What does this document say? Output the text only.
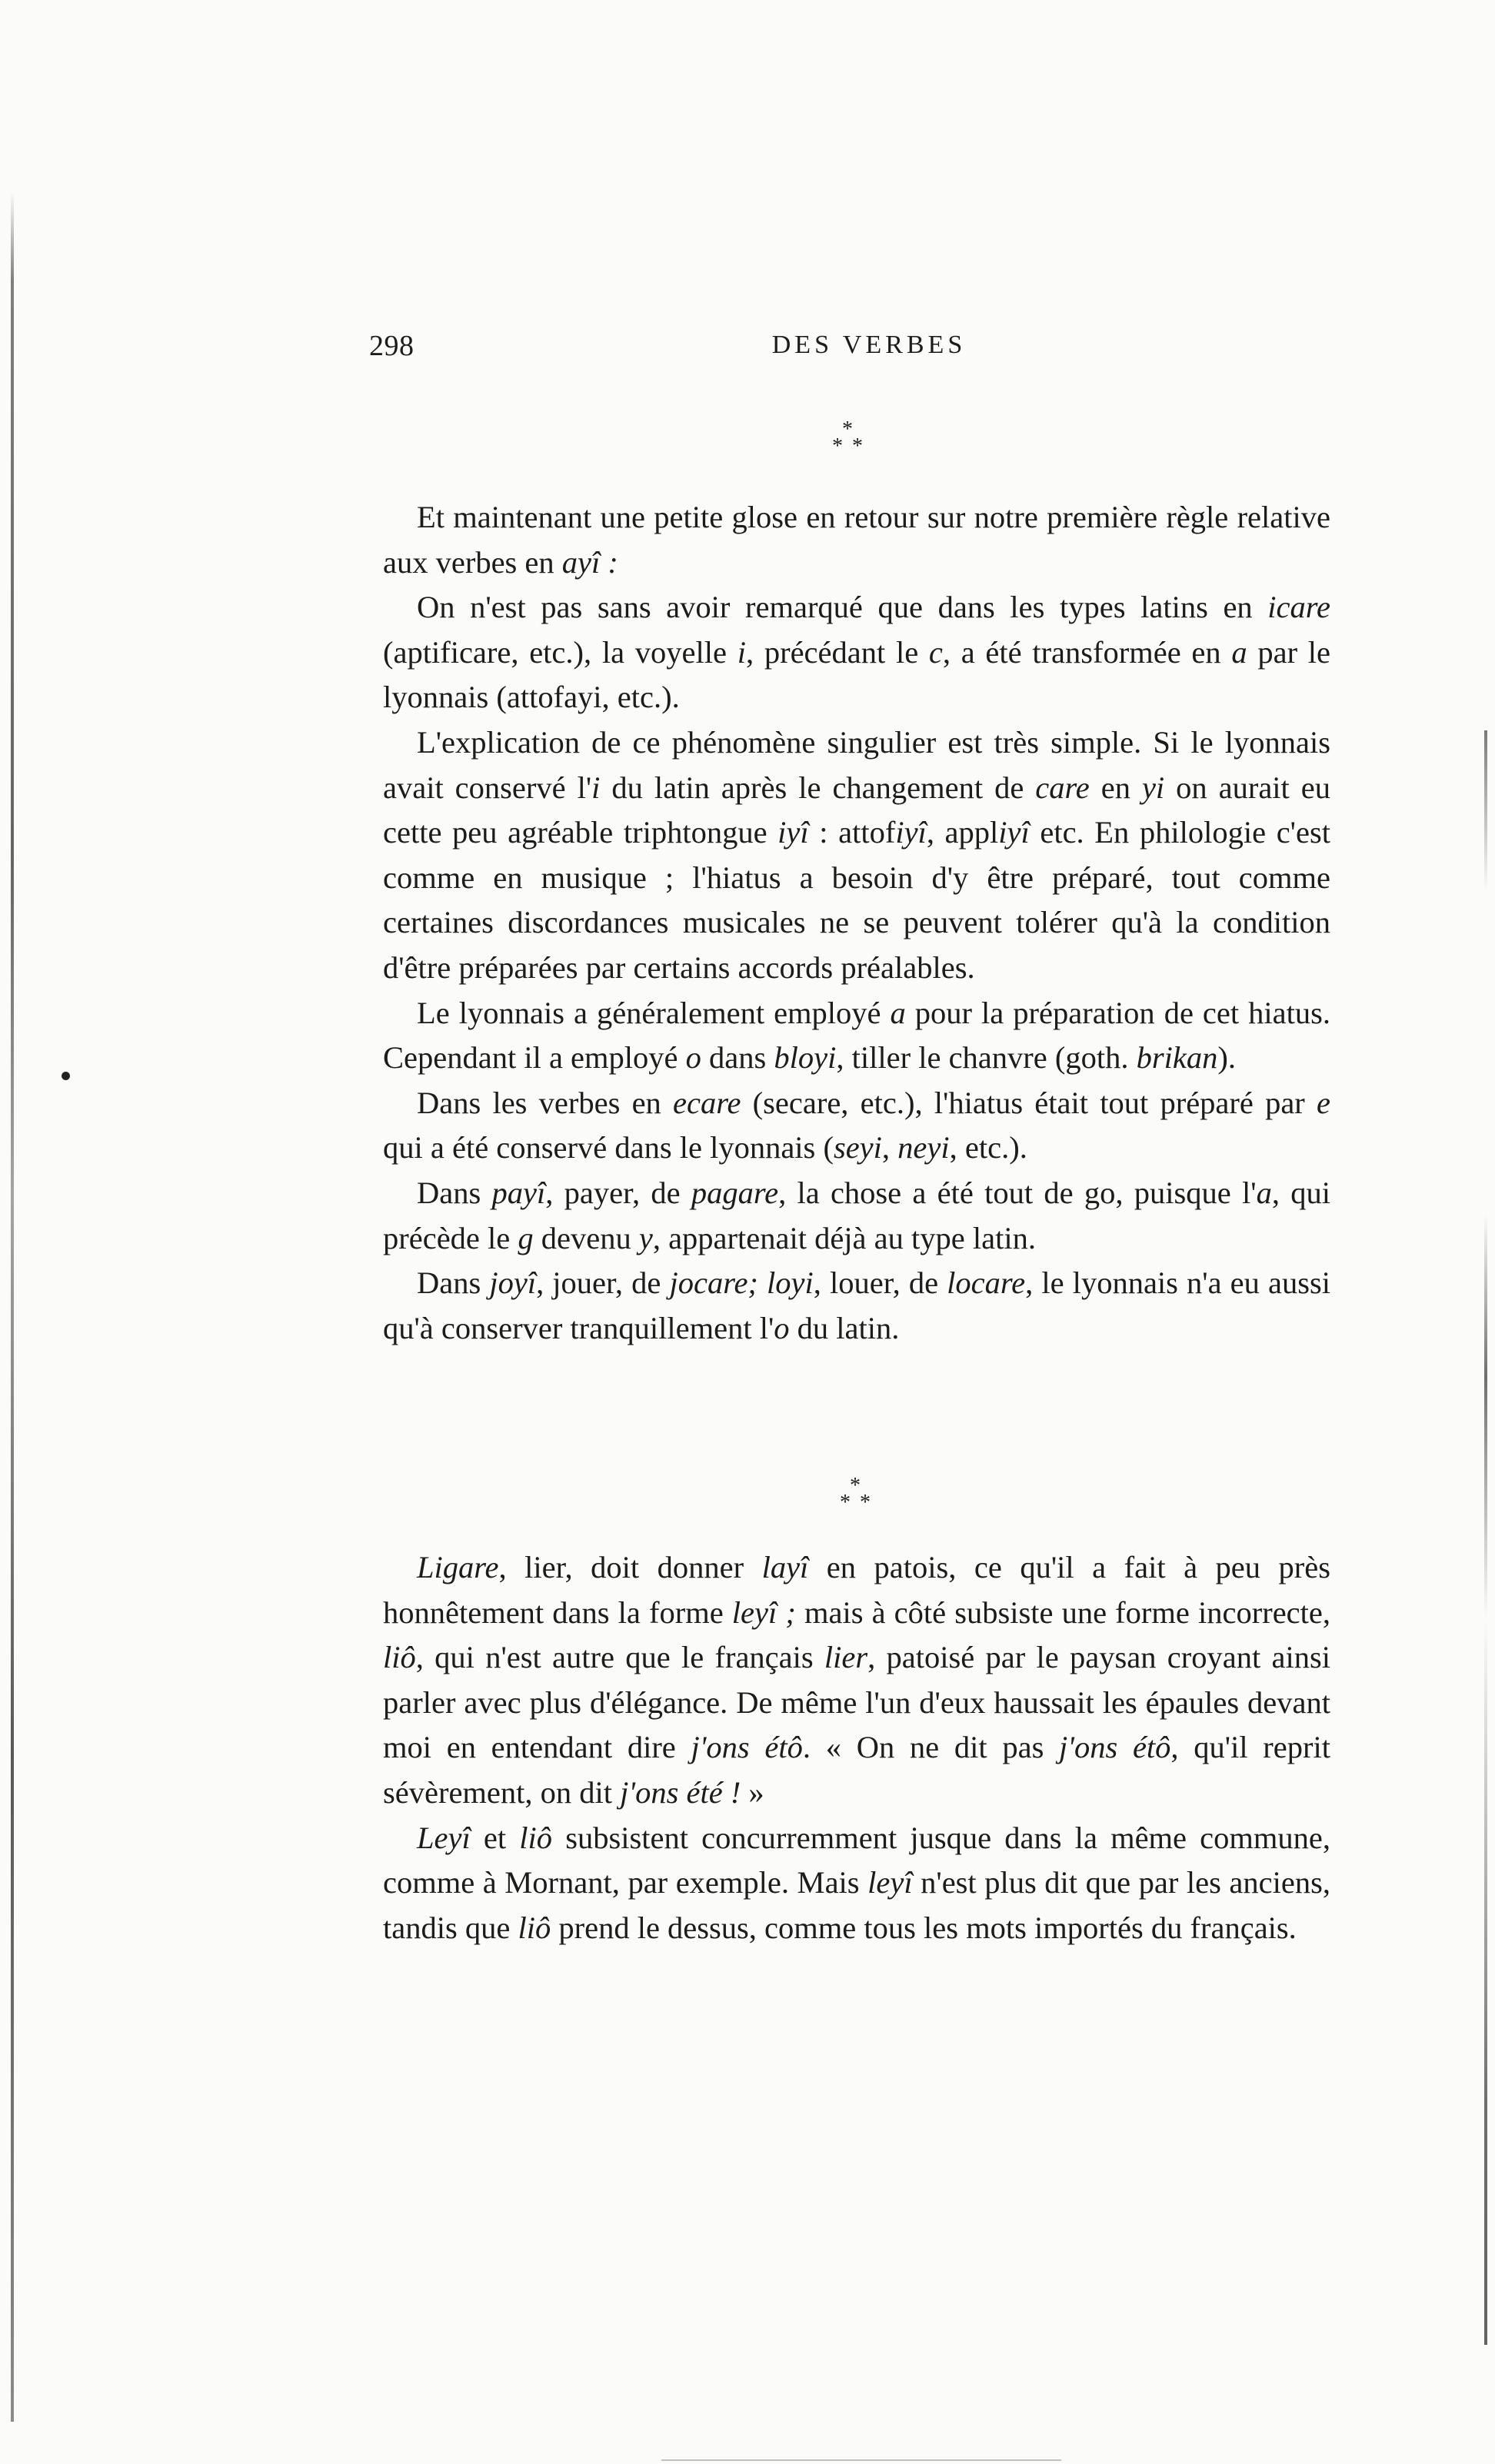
298	DES VERBES
*
* *

Et maintenant une petite glose en retour sur notre première règle relative aux verbes en ayî :

On n'est pas sans avoir remarqué que dans les types latins en icare (aptificare, etc.), la voyelle i, précédant le c, a été transformée en a par le lyonnais (attofayi, etc.).

L'explication de ce phénomène singulier est très simple. Si le lyonnais avait conservé l'i du latin après le changement de care en yi on aurait eu cette peu agréable triphtongue iyî : attofiyî, appliyî etc. En philologie c'est comme en musique ; l'hiatus a besoin d'y être préparé, tout comme certaines discordances musicales ne se peuvent tolérer qu'à la condition d'être préparées par certains accords préalables.

Le lyonnais a généralement employé a pour la préparation de cet hiatus. Cependant il a employé o dans bloyi, tiller le chanvre (goth. brikan).

Dans les verbes en ecare (secare, etc.), l'hiatus était tout préparé par e qui a été conservé dans le lyonnais (seyi, neyi, etc.).

Dans payî, payer, de pagare, la chose a été tout de go, puisque l'a, qui précède le g devenu y, appartenait déjà au type latin.

Dans joyî, jouer, de jocare; loyi, louer, de locare, le lyonnais n'a eu aussi qu'à conserver tranquillement l'o du latin.

*
* *

Ligare, lier, doit donner layî en patois, ce qu'il a fait à peu près honnêtement dans la forme leyî ; mais à côté subsiste une forme incorrecte, liô, qui n'est autre que le français lier, patoisé par le paysan croyant ainsi parler avec plus d'élégance. De même l'un d'eux haussait les épaules devant moi en entendant dire j'ons étô. « On ne dit pas j'ons étô, qu'il reprit sévèrement, on dit j'ons été ! »

Leyî et liô subsistent concurremment jusque dans la même commune, comme à Mornant, par exemple. Mais leyî n'est plus dit que par les anciens, tandis que liô prend le dessus, comme tous les mots importés du français.
